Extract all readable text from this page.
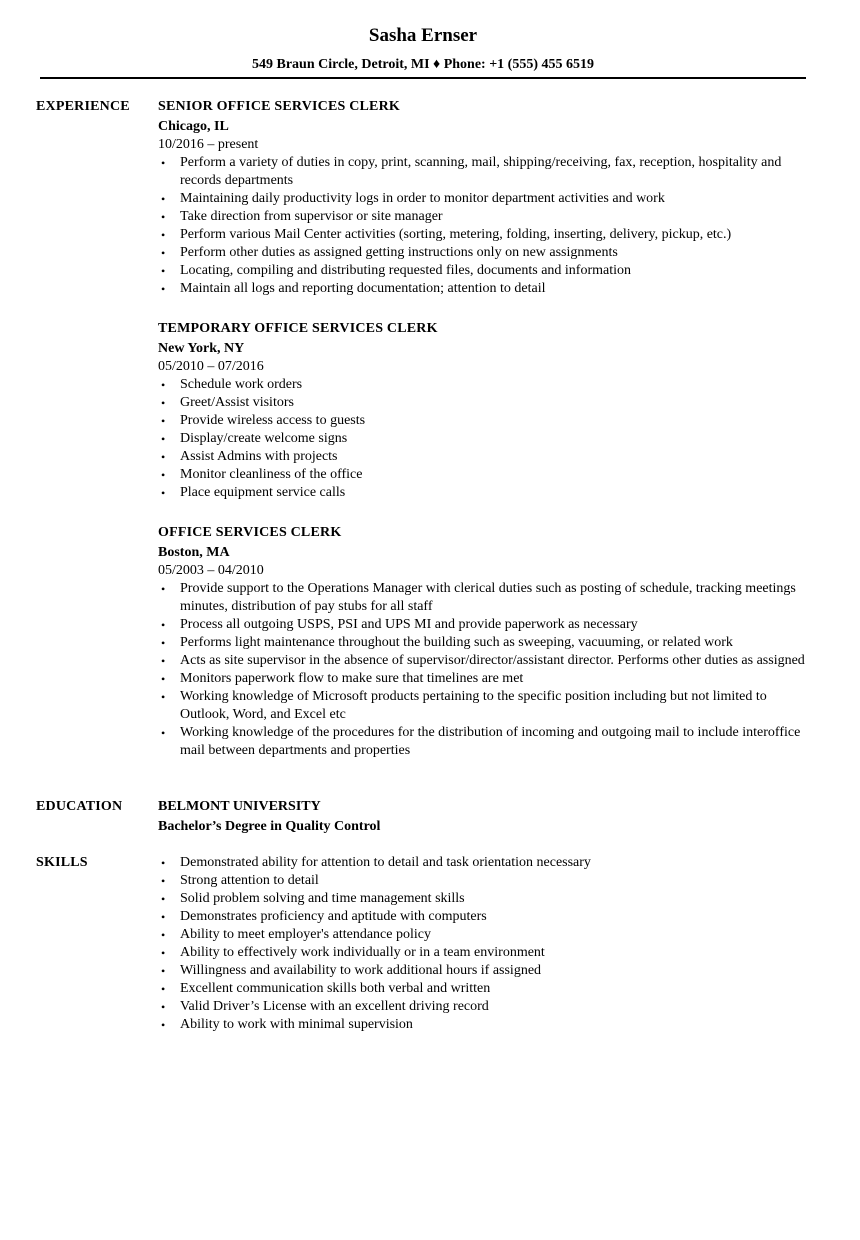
Sasha Ernser
549 Braun Circle, Detroit, MI ♦ Phone: +1 (555) 455 6519
EXPERIENCE SENIOR OFFICE SERVICES CLERK
Chicago, IL
10/2016 – present
• Perform a variety of duties in copy, print, scanning, mail, shipping/receiving, fax, reception, hospitality and records departments
• Maintaining daily productivity logs in order to monitor department activities and work
• Take direction from supervisor or site manager
• Perform various Mail Center activities (sorting, metering, folding, inserting, delivery, pickup, etc.)
• Perform other duties as assigned getting instructions only on new assignments
• Locating, compiling and distributing requested files, documents and information
• Maintain all logs and reporting documentation; attention to detail
TEMPORARY OFFICE SERVICES CLERK
New York, NY
05/2010 – 07/2016
• Schedule work orders
• Greet/Assist visitors
• Provide wireless access to guests
• Display/create welcome signs
• Assist Admins with projects
• Monitor cleanliness of the office
• Place equipment service calls
OFFICE SERVICES CLERK
Boston, MA
05/2003 – 04/2010
• Provide support to the Operations Manager with clerical duties such as posting of schedule, tracking meetings minutes, distribution of pay stubs for all staff
• Process all outgoing USPS, PSI and UPS MI and provide paperwork as necessary
• Performs light maintenance throughout the building such as sweeping, vacuuming, or related work
• Acts as site supervisor in the absence of supervisor/director/assistant director. Performs other duties as assigned
• Monitors paperwork flow to make sure that timelines are met
• Working knowledge of Microsoft products pertaining to the specific position including but not limited to Outlook, Word, and Excel etc
• Working knowledge of the procedures for the distribution of incoming and outgoing mail to include interoffice mail between departments and properties
EDUCATION	BELMONT UNIVERSITY
Bachelor’s Degree in Quality Control
SKILLS
•	Demonstrated ability for attention to detail and task orientation necessary
• Strong attention to detail
• Solid problem solving and time management skills
• Demonstrates proficiency and aptitude with computers
• Ability to meet employer's attendance policy
• Ability to effectively work individually or in a team environment
• Willingness and availability to work additional hours if assigned
• Excellent communication skills both verbal and written
• Valid Driver’s License with an excellent driving record
• Ability to work with minimal supervision
